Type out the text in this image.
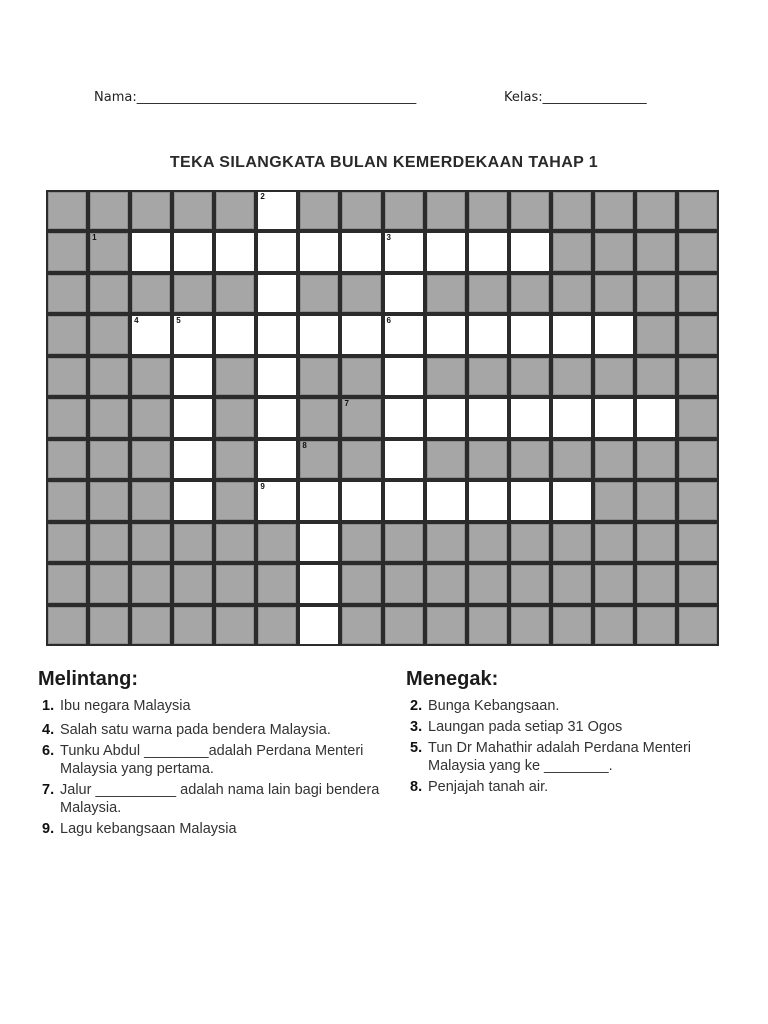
Nama:___________________________________________	Kelas:________________
TEKA SILANGKATA BULAN KEMERDEKAAN TAHAP 1
2
1	3
4	5	6
7
8
9
Melintang:
1. Ibu negara Malaysia
4. Salah satu warna pada bendera Malaysia.
6. Tunku Abdul ________adalah Perdana Menteri Malaysia yang pertama.
7. Jalur __________ adalah nama lain bagi bendera Malaysia.
9. Lagu kebangsaan Malaysia
Menegak:
2. Bunga Kebangsaan.
3. Laungan pada setiap 31 Ogos
5. Tun Dr Mahathir adalah Perdana Menteri Malaysia yang ke ________.
8. Penjajah tanah air.
